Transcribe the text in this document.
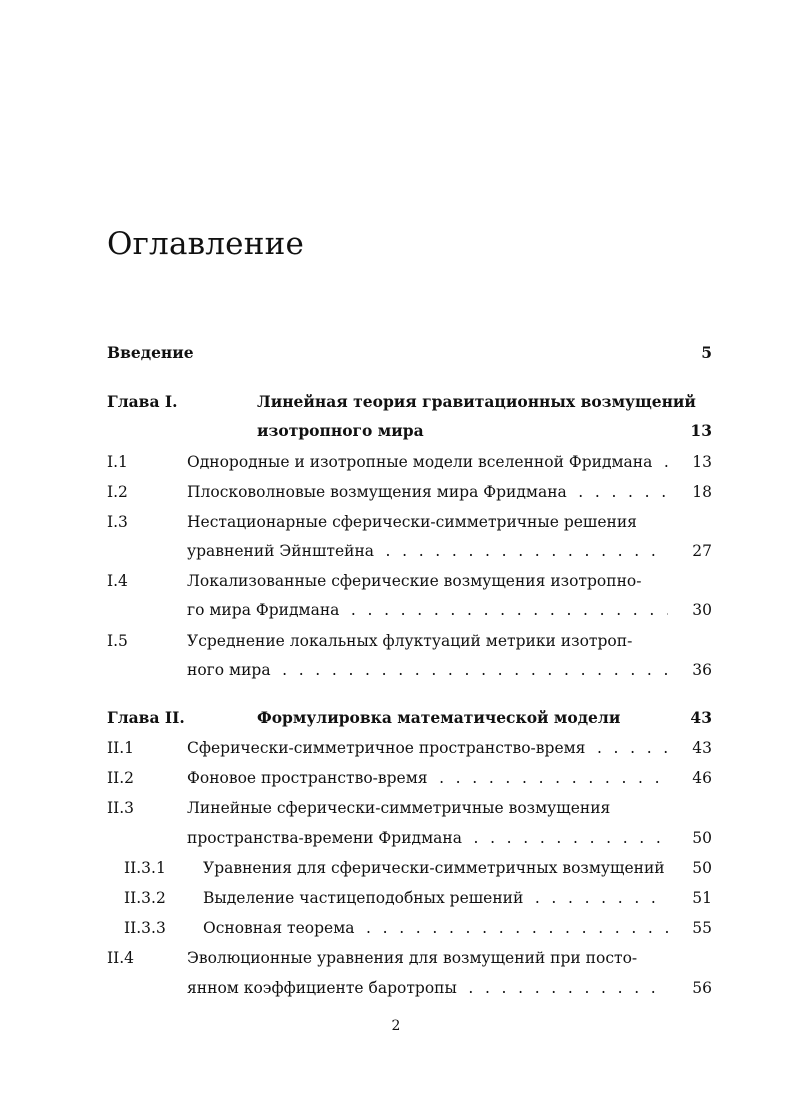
Оглавление
Введение	5
Глава I.	Линейная теория гравитационных возмущений
изотропного мира	13
I.1	Однородные и изотропные модели вселенной Фридмана .  .	13
I.2	Плосковолновые возмущения мира Фридмана .  .	18
I.3	Нестационарные сферически-симметричные решения
уравнений Эйнштейна .  .	27
I.4	Локализованные сферические возмущения изотропно-
го мира Фридмана .  .	30
I.5	Усреднение локальных флуктуаций метрики изотроп-
ного мира .  .	36
Глава II.	Формулировка математической модели	43
II.1	Сферически-симметричное пространство-время .  .	43
II.2	Фоновое пространство-время .  .	46
II.3	Линейные сферически-симметричные возмущения
пространства-времени Фридмана .  .	50
II.3.1 Уравнения для сферически-симметричных возмущений .  .	50
II.3.2 Выделение частицеподобных решений .  .	51
II.3.3 Основная теорема .  .	55
II.4	Эволюционные уравнения для возмущений при посто-
янном коэффициенте баротропы .  .	56
2
